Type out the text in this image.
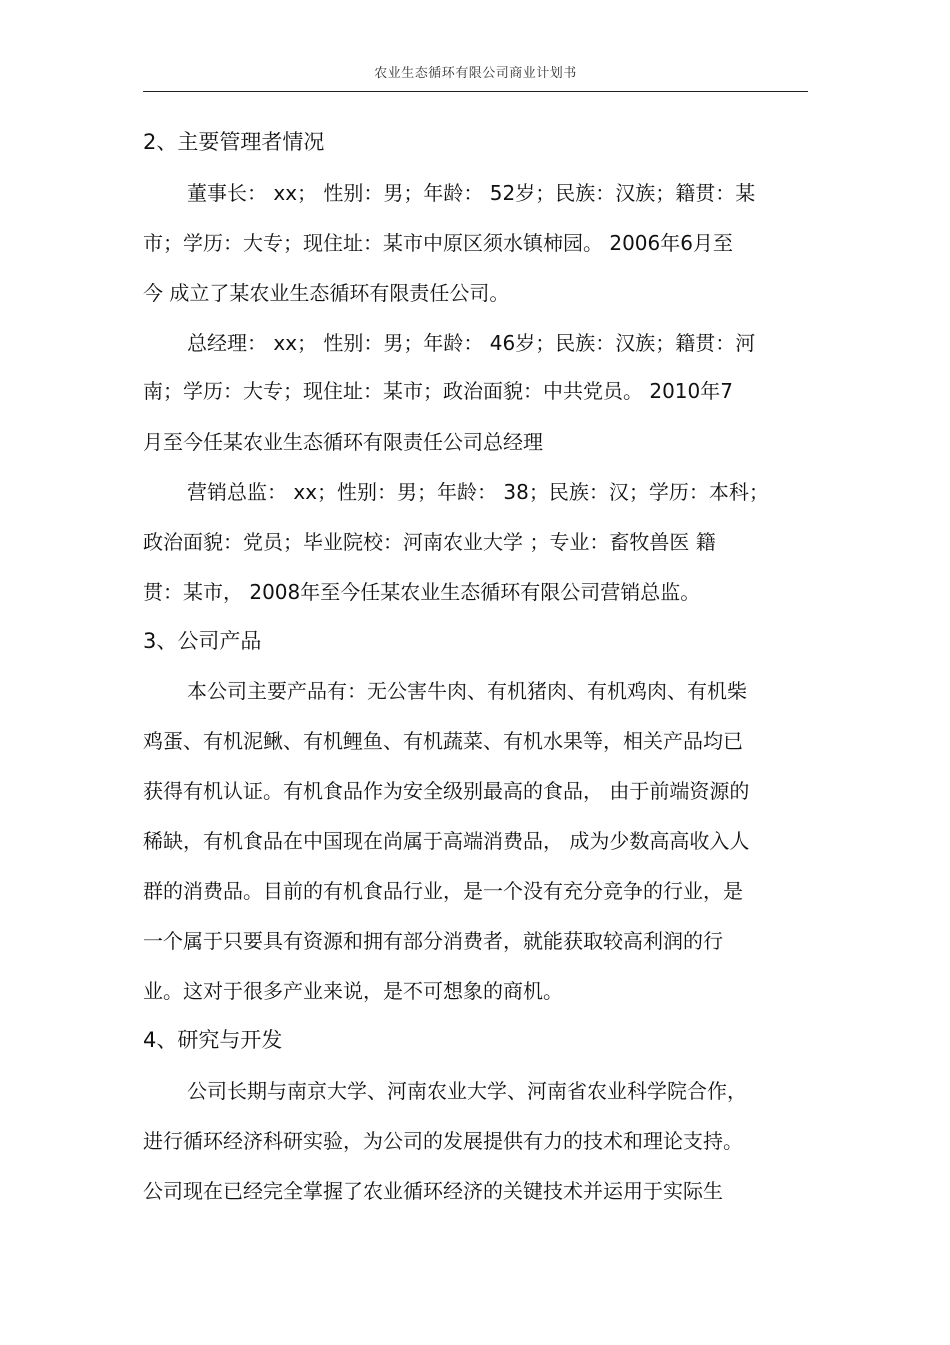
农业生态循环有限公司商业计划书
2、主要管理者情况
董事长： xx； 性别：男；年龄： 52岁；民族：汉族；籍贯：某
市；学历：大专；现住址：某市中原区须水镇柿园。 2006年6月至
今 成立了某农业生态循环有限责任公司。
总经理： xx； 性别：男；年龄： 46岁；民族：汉族；籍贯：河
南；学历：大专；现住址：某市；政治面貌：中共党员。 2010年7
月至今任某农业生态循环有限责任公司总经理
营销总监： xx；性别：男；年龄： 38；民族：汉；学历：本科；
政治面貌：党员；毕业院校：河南农业大学 ；专业：畜牧兽医 籍
贯：某市， 2008年至今任某农业生态循环有限公司营销总监。
3、公司产品
本公司主要产品有：无公害牛肉、有机猪肉、有机鸡肉、有机柴
鸡蛋、有机泥鳅、有机鲤鱼、有机蔬菜、有机水果等，相关产品均已
获得有机认证。有机食品作为安全级别最高的食品， 由于前端资源的
稀缺，有机食品在中国现在尚属于高端消费品， 成为少数高高收入人
群的消费品。目前的有机食品行业，是一个没有充分竞争的行业，是
一个属于只要具有资源和拥有部分消费者，就能获取较高利润的行
业。这对于很多产业来说，是不可想象的商机。
4、研究与开发
公司长期与南京大学、河南农业大学、河南省农业科学院合作，
进行循环经济科研实验，为公司的发展提供有力的技术和理论支持。
公司现在已经完全掌握了农业循环经济的关键技术并运用于实际生
